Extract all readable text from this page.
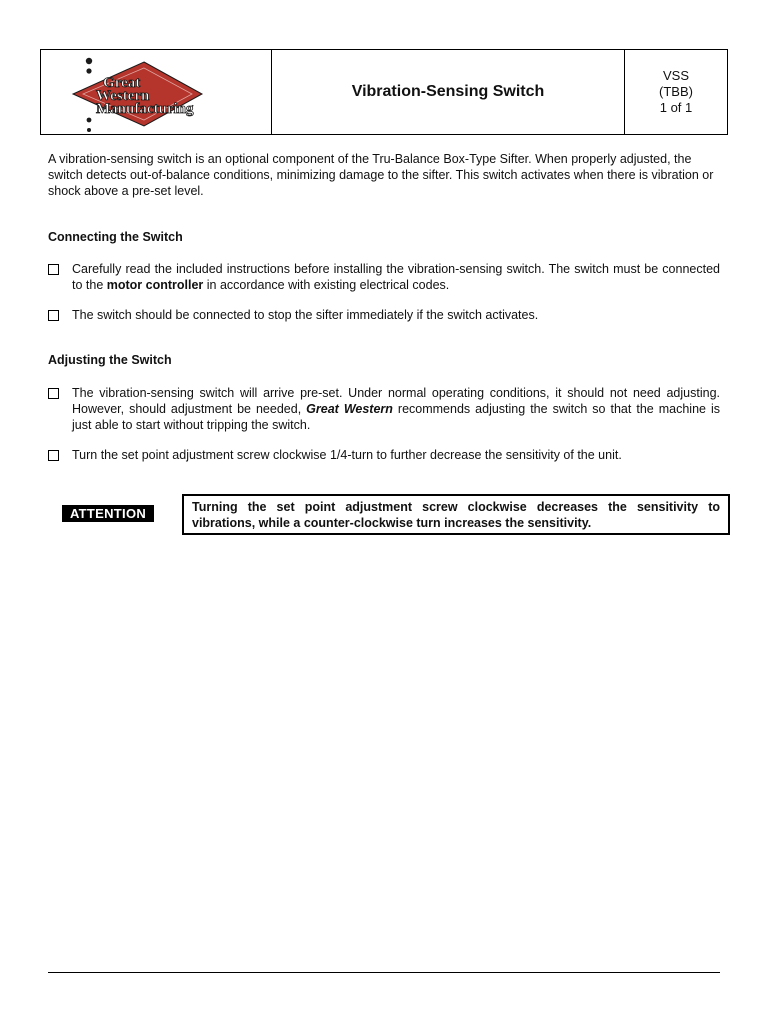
Great
Western
Manufacturing
Vibration-Sensing Switch
VSS
(TBB)
1 of 1
A vibration-sensing switch is an optional component of the Tru-Balance Box-Type Sifter. When properly adjusted, the switch detects out-of-balance conditions, minimizing damage to the sifter. This switch activates when there is vibration or shock above a pre-set level.
Connecting the Switch
Carefully read the included instructions before installing the vibration-sensing switch. The switch must be connected to the motor controller in accordance with existing electrical codes.
The switch should be connected to stop the sifter immediately if the switch activates.
Adjusting the Switch
The vibration-sensing switch will arrive pre-set. Under normal operating conditions, it should not need adjusting. However, should adjustment be needed, Great Western recommends adjusting the switch so that the machine is just able to start without tripping the switch.
Turn the set point adjustment screw clockwise 1/4-turn to further decrease the sensitivity of the unit.
ATTENTION	Turning the set point adjustment screw clockwise decreases the sensitivity to vibrations, while a counter-clockwise turn increases the sensitivity.
